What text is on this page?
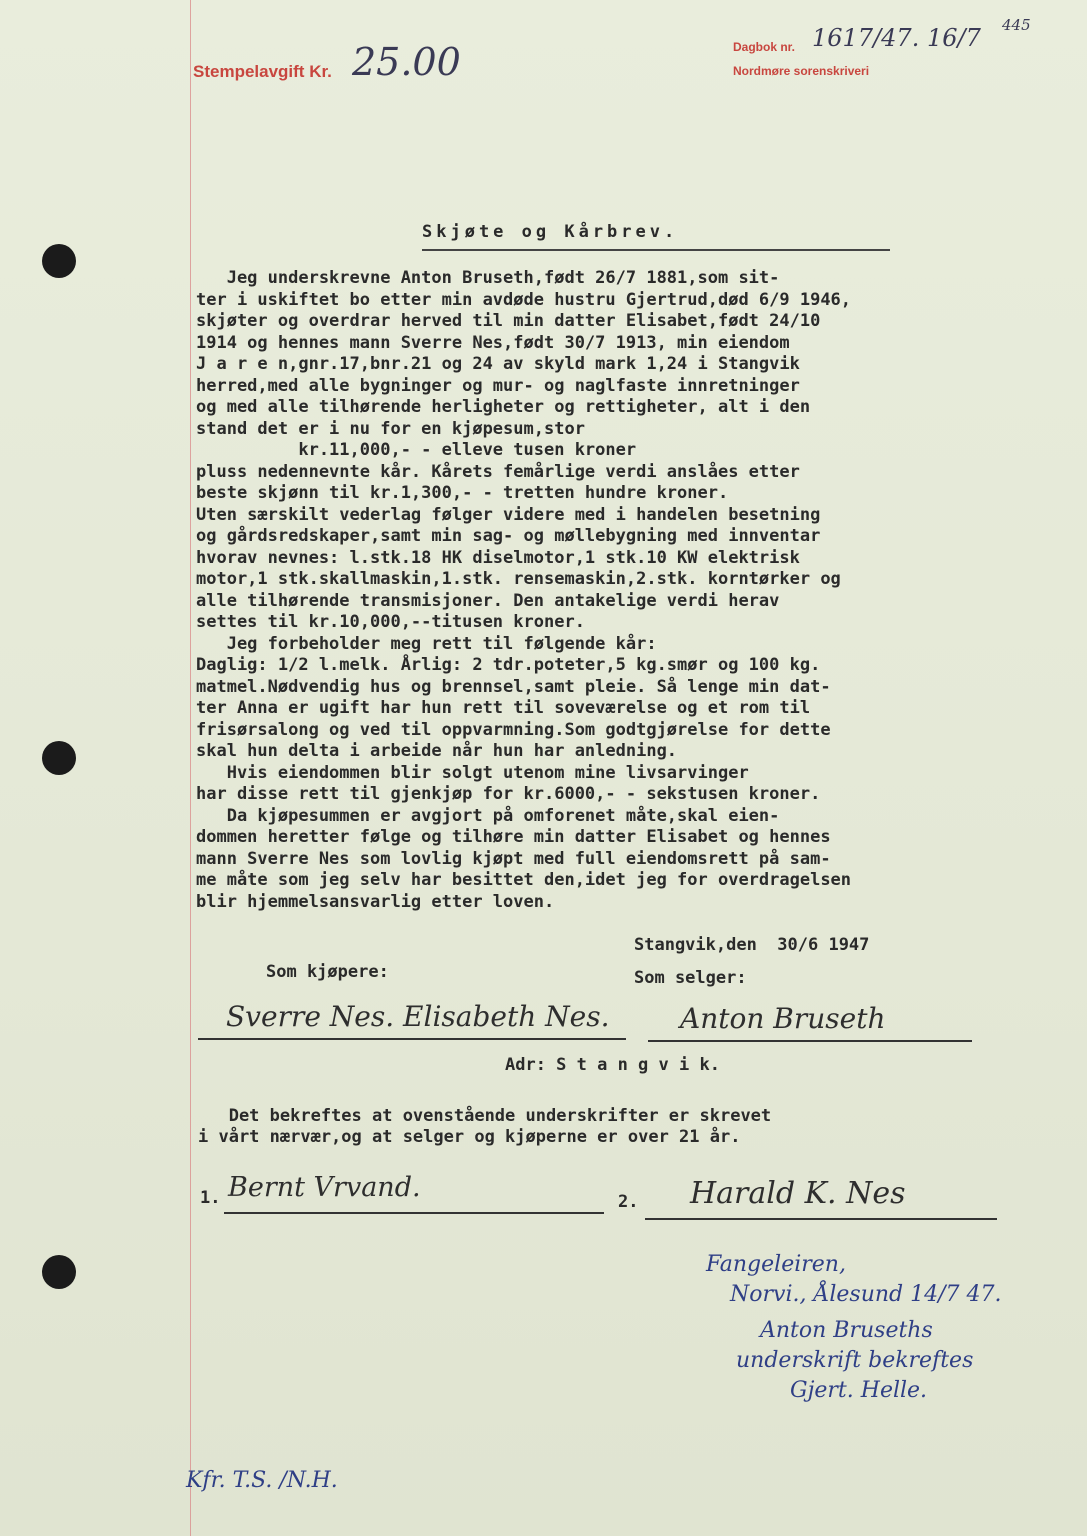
Stempelavgift Kr. 25.00	Dagbok nr. 1617/47. 16/7 445
Nordmøre sorenskriveri
Skjøte og Kårbrev.
Jeg underskrevne Anton Bruseth,født 26/7 1881,som sit-
ter i uskiftet bo etter min avdøde hustru Gjertrud,død 6/9 1946,
skjøter og overdrar herved til min datter Elisabet,født 24/10
1914 og hennes mann Sverre Nes,født 30/7 1913, min eiendom
J a r e n,gnr.17,bnr.21 og 24 av skyld mark 1,24 i Stangvik
herred,med alle bygninger og mur- og naglfaste innretninger
og med alle tilhørende herligheter og rettigheter, alt i den
stand det er i nu for en kjøpesum,stor
kr.11,000,- - elleve tusen kroner
pluss nedennevnte kår. Kårets femårlige verdi anslåes etter
beste skjønn til kr.1,300,- - tretten hundre kroner.
Uten særskilt vederlag følger videre med i handelen besetning
og gårdsredskaper,samt min sag- og møllebygning med innventar
hvorav nevnes: l.stk.18 HK diselmotor,1 stk.10 KW elektrisk
motor,1 stk.skallmaskin,1.stk. rensemaskin,2.stk. korntørker og
alle tilhørende transmisjoner. Den antakelige verdi herav
settes til kr.10,000,--titusen kroner.
Jeg forbeholder meg rett til følgende kår:
Daglig: 1/2 l.melk. Årlig: 2 tdr.poteter,5 kg.smør og 100 kg.
matmel.Nødvendig hus og brennsel,samt pleie. Så lenge min dat-
ter Anna er ugift har hun rett til soveværelse og et rom til
frisørsalong og ved til oppvarmning.Som godtgjørelse for dette
skal hun delta i arbeide når hun har anledning.
Hvis eiendommen blir solgt utenom mine livsarvinger
har disse rett til gjenkjøp for kr.6000,- - sekstusen kroner.
Da kjøpesummen er avgjort på omforenet måte,skal eien-
dommen heretter følge og tilhøre min datter Elisabet og hennes
mann Sverre Nes som lovlig kjøpt med full eiendomsrett på sam-
me måte som jeg selv har besittet den,idet jeg for overdragelsen
blir hjemmelsansvarlig etter loven.
Stangvik,den  30/6 1947
Som kjøpere:	Som selger:
Sverre Nes. Elisabeth Nes.	Anton Bruseth
Adr: S t a n g v i k.
Det bekreftes at ovenstående underskrifter er skrevet
i vårt nærvær,og at selger og kjøperne er over 21 år.
1. Bernt Vrvand.	2. Harald K. Nes
Fangeleiren,
Norvi., Ålesund 14/7 47.
Anton Bruseths
underskrift bekreftes
Gjert. Helle.
Kfr. T.S. /N.H.
